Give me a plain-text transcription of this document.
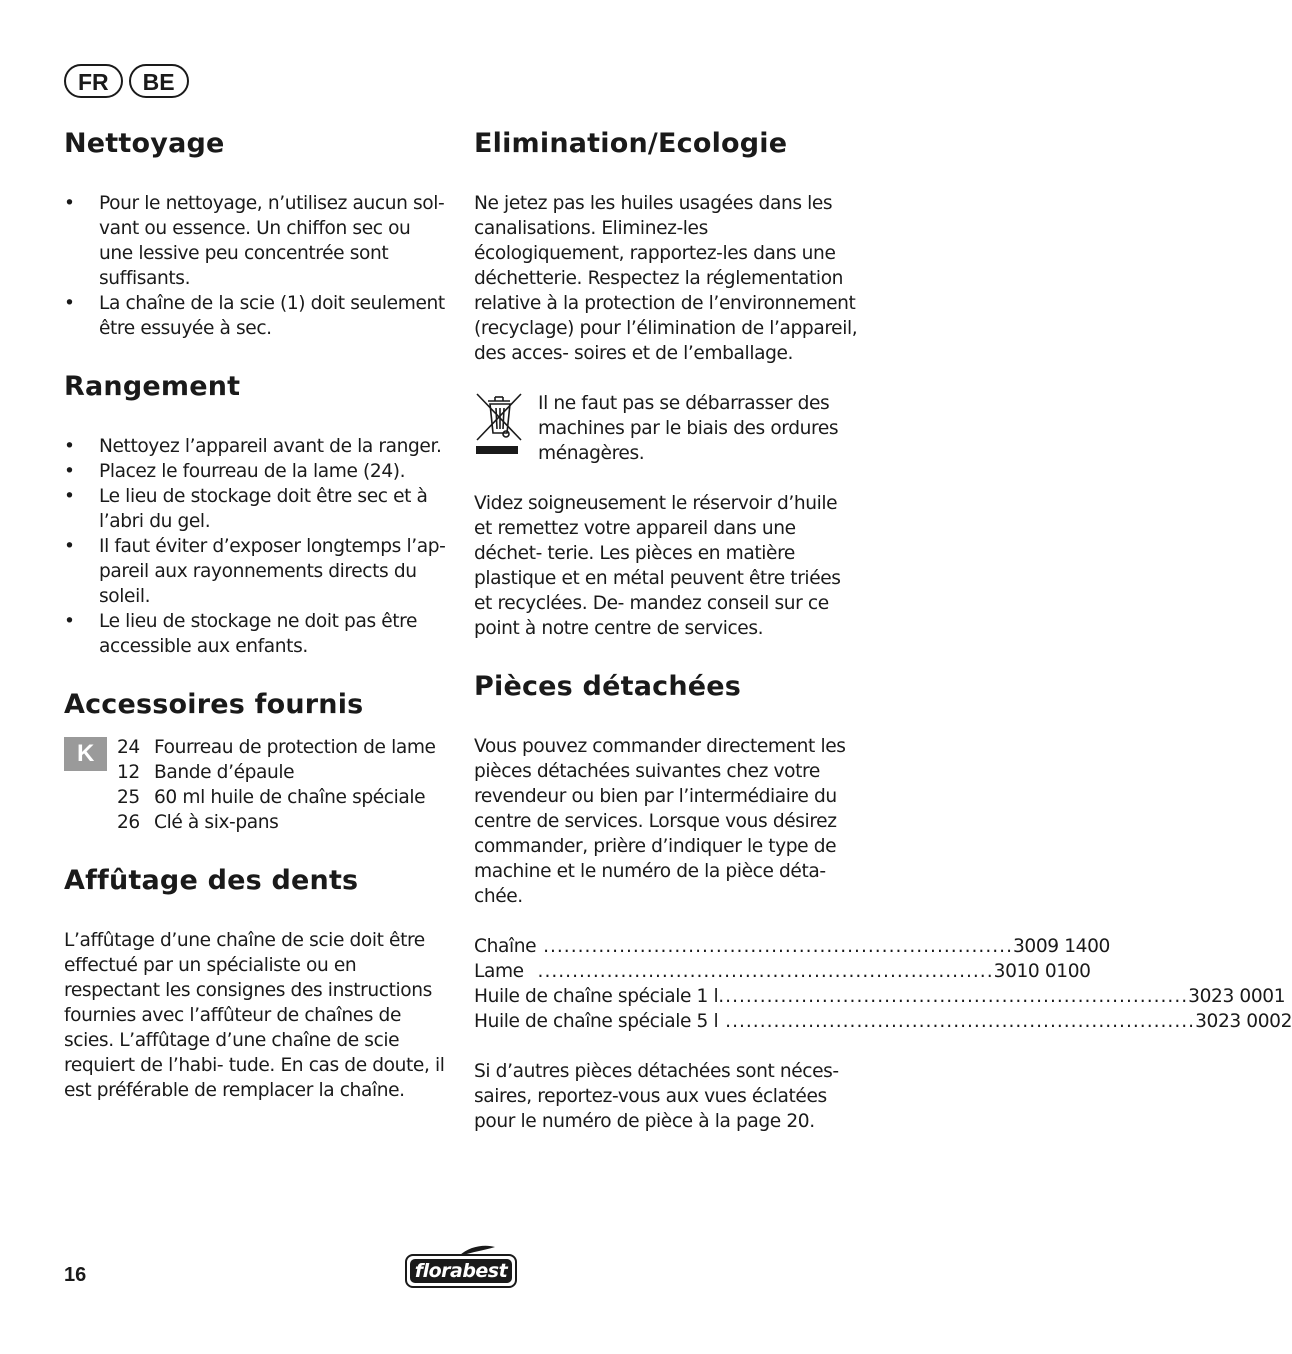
FR	BE
Nettoyage
• Pour le nettoyage, n’utilisez aucun sol- vant ou essence. Un chiffon sec ou une lessive peu concentrée sont suffisants.
• La chaîne de la scie (1) doit seulement être essuyée à sec.
Rangement
• Nettoyez l’appareil avant de la ranger.
• Placez le fourreau de la lame (24).
• Le lieu de stockage doit être sec et à l’abri du gel.
• Il faut éviter d’exposer longtemps l’ap- pareil aux rayonnements directs du soleil.
• Le lieu de stockage ne doit pas être accessible aux enfants.
Accessoires fournis
K	24 Fourreau de protection de lame
12 Bande d’épaule
25 60 ml huile de chaîne spéciale
26 Clé à six-pans
Affûtage des dents

L’affûtage d’une chaîne de scie doit être effectué par un spécialiste ou en respectant les consignes des instructions fournies avec l’affûteur de chaînes de scies. L’affûtage d’une chaîne de scie requiert de l’habi- tude. En cas de doute, il est préférable de remplacer la chaîne.

Elimination/Ecologie

Ne jetez pas les huiles usagées dans les canalisations. Eliminez-les écologiquement, rapportez-les dans une déchetterie. Respectez la réglementation relative à la protection de l’environnement (recyclage) pour l’élimination de l’appareil, des acces- soires et de l’emballage.

Il ne faut pas se débarrasser des machines par le biais des ordures ménagères.

Videz soigneusement le réservoir d’huile et remettez votre appareil dans une déchet- terie. Les pièces en matière plastique et en métal peuvent être triées et recyclées. De- mandez conseil sur ce point à notre centre de services.

Pièces détachées

Vous pouvez commander directement les pièces détachées suivantes chez votre revendeur ou bien par l’intermédiaire du centre de services. Lorsque vous désirez commander, prière d’indiquer le type de machine et le numéro de la pièce déta- chée.

Chaîne .................................................................... 3009 1400
Lame .................................................................. 3010 0100
Huile de chaîne spéciale 1 l .................................................................... 3023 0001
Huile de chaîne spéciale 5 l .................................................................... 3023 0002

Si d’autres pièces détachées sont néces- saires, reportez-vous aux vues éclatées pour le numéro de pièce à la page 20.

16	florabest
